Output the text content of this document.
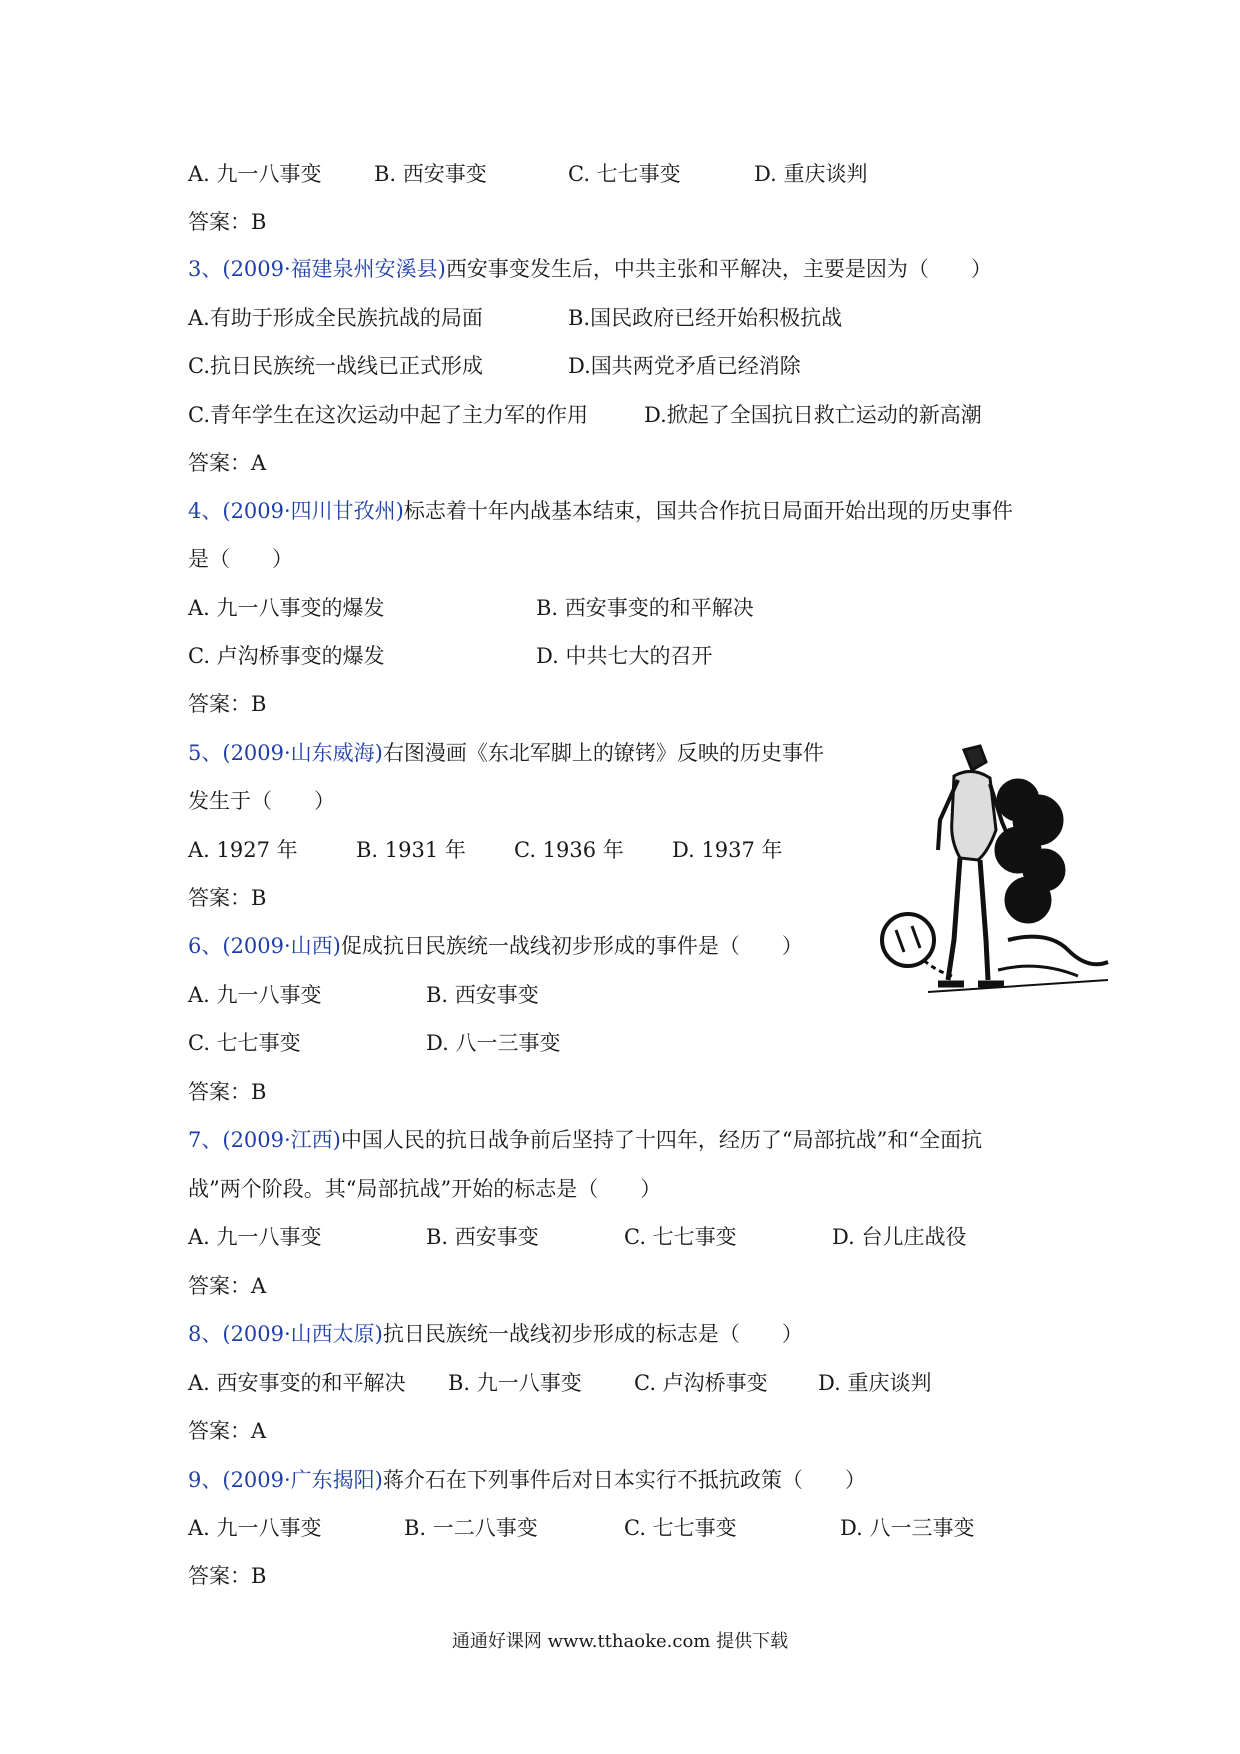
A. 九一八事变 B. 西安事变	C. 七七事变	D. 重庆谈判
答案：B
3、(2009·福建泉州安溪县)西安事变发生后，中共主张和平解决，主要是因为（　　）
A.有助于形成全民族抗战的局面	B.国民政府已经开始积极抗战
C.抗日民族统一战线已正式形成	D.国共两党矛盾已经消除
C.青年学生在这次运动中起了主力军的作用	D.掀起了全国抗日救亡运动的新高潮
答案：A
4、(2009·四川甘孜州)标志着十年内战基本结束，国共合作抗日局面开始出现的历史事件
是（　　）
A. 九一八事变的爆发	B. 西安事变的和平解决
C. 卢沟桥事变的爆发	D. 中共七大的召开
答案：B
5、(2009·山东威海)右图漫画《东北军脚上的镣铐》反映的历史事件
发生于（　　）
A. 1927 年	B. 1931 年 C. 1936 年 D. 1937 年
答案：B
6、(2009·山西)促成抗日民族统一战线初步形成的事件是（　　）
A. 九一八事变	B. 西安事变
C. 七七事变	D. 八一三事变
答案：B
7、(2009·江西)中国人民的抗日战争前后坚持了十四年，经历了“局部抗战”和“全面抗
战”两个阶段。其“局部抗战”开始的标志是（　　）
A. 九一八事变	B. 西安事变	C. 七七事变	D. 台儿庄战役
答案：A
8、(2009·山西太原)抗日民族统一战线初步形成的标志是（　　）
A. 西安事变的和平解决 B. 九一八事变 C. 卢沟桥事变 D. 重庆谈判
答案：A
9、(2009·广东揭阳)蒋介石在下列事件后对日本实行不抵抗政策（　　）
A. 九一八事变	B. 一二八事变	C. 七七事变	D. 八一三事变
答案：B
通通好课网 www.tthaoke.com 提供下载
